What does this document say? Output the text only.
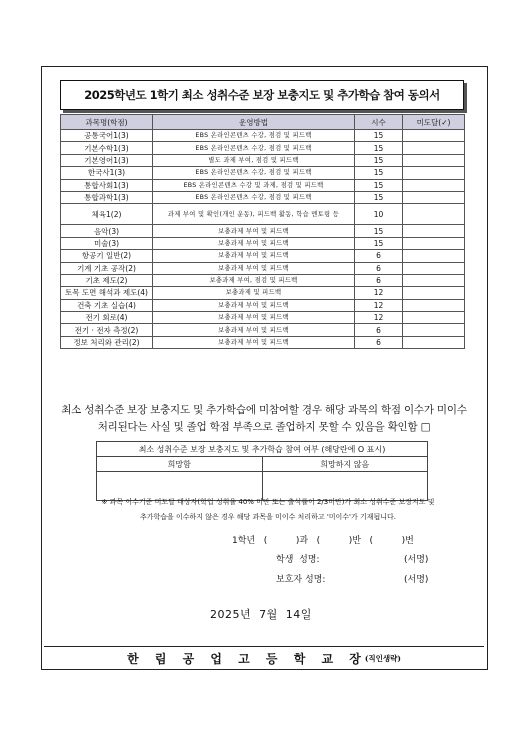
2025학년도 1학기 최소 성취수준 보장 보충지도 및 추가학습 참여 동의서
과목명(학점)	운영방법	시수	미도달(✓)
공통국어1(3)	EBS 온라인콘텐츠 수강, 점검 및 피드백	15	
기본수학1(3)	EBS 온라인콘텐츠 수강, 점검 및 피드백	15	
기본영어1(3)	별도 과제 부여, 점검 및 피드백	15	
한국사1(3)	EBS 온라인콘텐츠 수강, 점검 및 피드백	15	
통합사회1(3)	EBS 온라인콘텐츠 수강 및 과제, 점검 및 피드백	15	
통합과학1(3)	EBS 온라인콘텐츠 수강, 점검 및 피드백	15	
체육1(2)	과제 부여 및 확인(개인 운동), 피드백 활동, 학습 멘토링 등	10	
음악(3)	보충과제 부여 및 피드백	15	
미술(3)	보충과제 부여 및 피드백	15	
항공기 일반(2)	보충과제 부여 및 피드백	6	
기계 기초 공작(2)	보충과제 부여 및 피드백	6	
기초 제도(2)	보충과제 부여, 점검 및 피드백	6	
토목 도면 해석과 제도(4)	보충과제 및 피드백	12	
건축 기초 실습(4)	보충과제 부여 및 피드백	12	
전기 회로(4)	보충과제 부여 및 피드백	12	
전기 · 전자 측정(2)	보충과제 부여 및 피드백	6	
정보 처리와 관리(2)	보충과제 부여 및 피드백	6	
최소 성취수준 보장 보충지도 및 추가학습에 미참여할 경우 해당 과목의 학점 이수가 미이수
처리된다는 사실 및 졸업 학점 부족으로 졸업하지 못할 수 있음을 확인함 □
최소 성취수준 보장 보충지도 및 추가학습 참여 여부 (해당란에 O 표시)	
희망함	희망하지 않음

※ 과목 이수기준 미도달 대상자(학업 성취율 40% 미만 또는 출석률이 2/3미만)가 최소 성취수준 보장지도 및
추가학습을 이수하지 않은 경우 해당 과목을 미이수 처리하고 '미이수'가 기재됩니다.
1학년   (          )과   (          )반   (          )번
학생  성명:	(서명)
보호자 성명:	(서명)
2025년  7월  14일
한 림 공 업 고 등 학 교 장
(직인생략)
